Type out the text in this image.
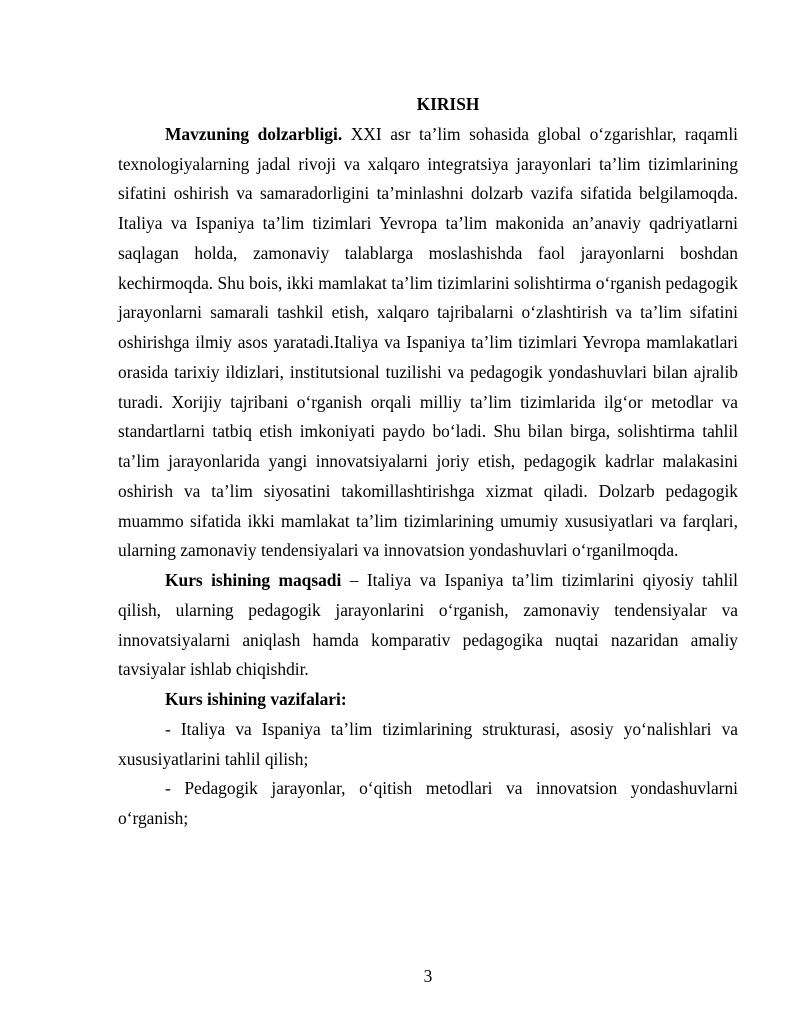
KIRISH

Mavzuning dolzarbligi. XXI asr ta’lim sohasida global o‘zgarishlar, raqamli texnologiyalarning jadal rivoji va xalqaro integratsiya jarayonlari ta’lim tizimlarining sifatini oshirish va samaradorligini ta’minlashni dolzarb vazifa sifatida belgilamoqda. Italiya va Ispaniya ta’lim tizimlari Yevropa ta’lim makonida an’anaviy qadriyatlarni saqlagan holda, zamonaviy talablarga moslashishda faol jarayonlarni boshdan kechirmoqda. Shu bois, ikki mamlakat ta’lim tizimlarini solishtirma o‘rganish pedagogik jarayonlarni samarali tashkil etish, xalqaro tajribalarni o‘zlashtirish va ta’lim sifatini oshirishga ilmiy asos yaratadi.Italiya va Ispaniya ta’lim tizimlari Yevropa mamlakatlari orasida tarixiy ildizlari, institutsional tuzilishi va pedagogik yondashuvlari bilan ajralib turadi. Xorijiy tajribani o‘rganish orqali milliy ta’lim tizimlarida ilg‘or metodlar va standartlarni tatbiq etish imkoniyati paydo bo‘ladi. Shu bilan birga, solishtirma tahlil ta’lim jarayonlarida yangi innovatsiyalarni joriy etish, pedagogik kadrlar malakasini oshirish va ta’lim siyosatini takomillashtirishga xizmat qiladi. Dolzarb pedagogik muammo sifatida ikki mamlakat ta’lim tizimlarining umumiy xususiyatlari va farqlari, ularning zamonaviy tendensiyalari va innovatsion yondashuvlari o‘rganilmoqda.

Kurs ishining maqsadi – Italiya va Ispaniya ta’lim tizimlarini qiyosiy tahlil qilish, ularning pedagogik jarayonlarini o‘rganish, zamonaviy tendensiyalar va innovatsiyalarni aniqlash hamda komparativ pedagogika nuqtai nazaridan amaliy tavsiyalar ishlab chiqishdir.

Kurs ishining vazifalari:

- Italiya va Ispaniya ta’lim tizimlarining strukturasi, asosiy yo‘nalishlari va xususiyatlarini tahlil qilish;

- Pedagogik jarayonlar, o‘qitish metodlari va innovatsion yondashuvlarni o‘rganish;

3
